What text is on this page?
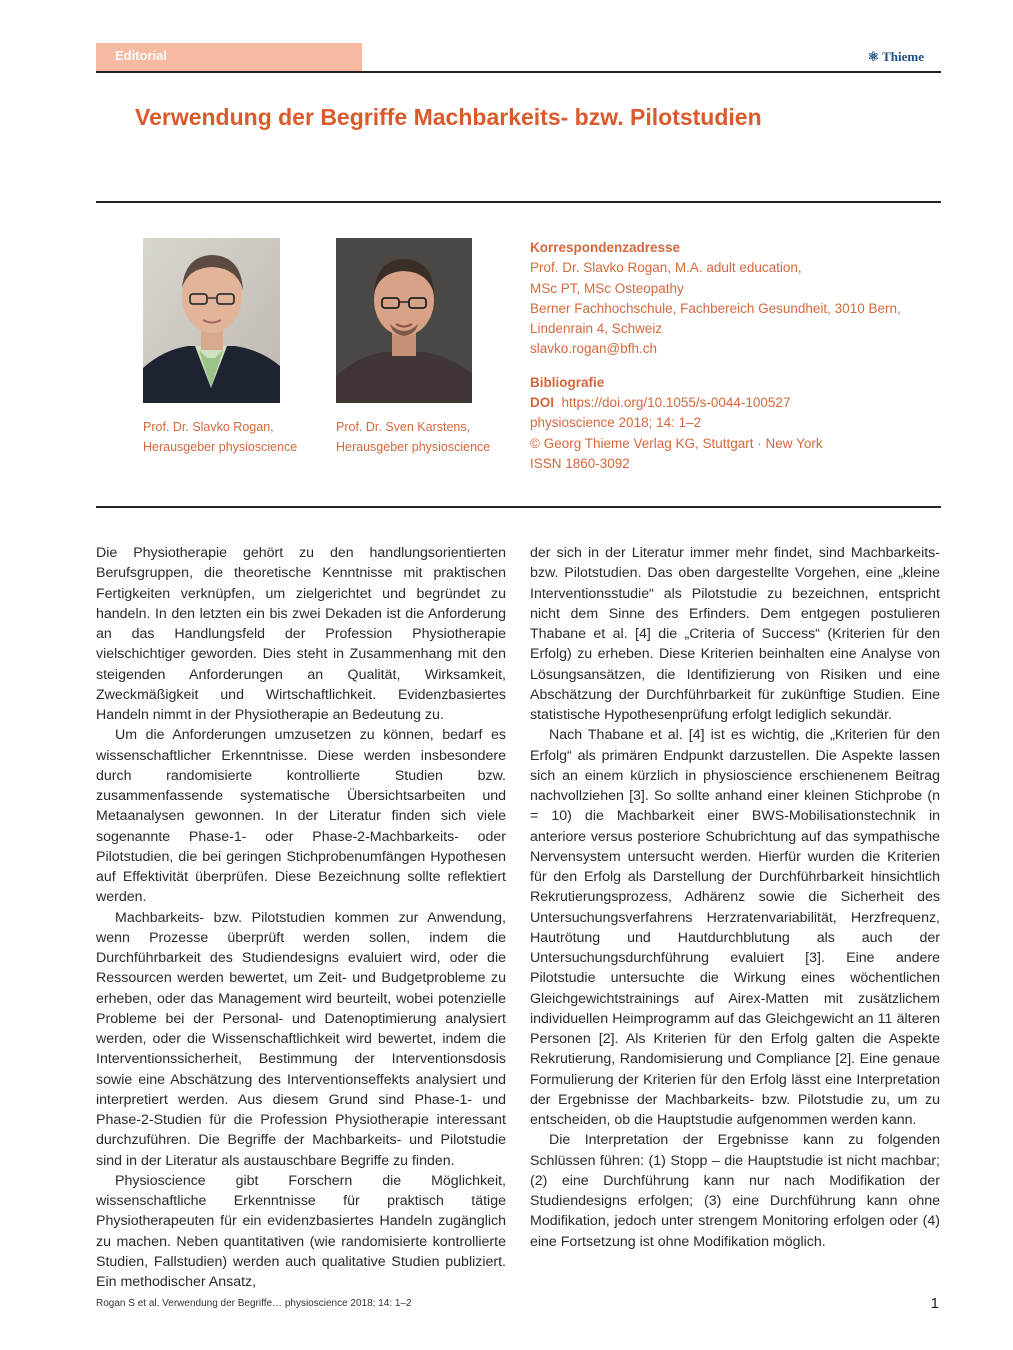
Editorial	⚛ Thieme
Verwendung der Begriffe Machbarkeits- bzw. Pilotstudien
Prof. Dr. Slavko Rogan,
Herausgeber physioscience
Prof. Dr. Sven Karstens,
Herausgeber physioscience
Korrespondenzadresse
Prof. Dr. Slavko Rogan, M.A. adult education,
MSc PT, MSc Osteopathy
Berner Fachhochschule, Fachbereich Gesundheit, 3010 Bern,
Lindenrain 4, Schweiz
slavko.rogan@bfh.ch
Bibliografie
DOI https://doi.org/10.1055/s-0044-100527
physioscience 2018; 14: 1–2
© Georg Thieme Verlag KG, Stuttgart · New York
ISSN 1860-3092

Die Physiotherapie gehört zu den handlungsorientierten Berufsgruppen, die theoretische Kenntnisse mit praktischen Fertigkeiten verknüpfen, um zielgerichtet und begründet zu handeln. In den letzten ein bis zwei Dekaden ist die Anforderung an das Handlungsfeld der Profession Physiotherapie vielschichtiger geworden. Dies steht in Zusammenhang mit den steigenden Anforderungen an Qualität, Wirksamkeit, Zweckmäßigkeit und Wirtschaftlichkeit. Evidenzbasiertes Handeln nimmt in der Physiotherapie an Bedeutung zu.

Um die Anforderungen umzusetzen zu können, bedarf es wissenschaftlicher Erkenntnisse. Diese werden insbesondere durch randomisierte kontrollierte Studien bzw. zusammenfassende systematische Übersichtsarbeiten und Metaanalysen gewonnen. In der Literatur finden sich viele sogenannte Phase-1- oder Phase-2-Machbarkeits- oder Pilotstudien, die bei geringen Stichprobenumfängen Hypothesen auf Effektivität überprüfen. Diese Bezeichnung sollte reflektiert werden.

Machbarkeits- bzw. Pilotstudien kommen zur Anwendung, wenn Prozesse überprüft werden sollen, indem die Durchführbarkeit des Studiendesigns evaluiert wird, oder die Ressourcen werden bewertet, um Zeit- und Budgetprobleme zu erheben, oder das Management wird beurteilt, wobei potenzielle Probleme bei der Personal- und Datenoptimierung analysiert werden, oder die Wissenschaftlichkeit wird bewertet, indem die Interventionssicherheit, Bestimmung der Interventionsdosis sowie eine Abschätzung des Interventionseffekts analysiert und interpretiert werden. Aus diesem Grund sind Phase-1- und Phase-2-Studien für die Profession Physiotherapie interessant durchzuführen. Die Begriffe der Machbarkeits- und Pilotstudie sind in der Literatur als austauschbare Begriffe zu finden.

Physioscience gibt Forschern die Möglichkeit, wissenschaftliche Erkenntnisse für praktisch tätige Physiotherapeuten für ein evidenzbasiertes Handeln zugänglich zu machen. Neben quantitativen (wie randomisierte kontrollierte Studien, Fallstudien) werden auch qualitative Studien publiziert. Ein methodischer Ansatz,

der sich in der Literatur immer mehr findet, sind Machbarkeits- bzw. Pilotstudien. Das oben dargestellte Vorgehen, eine „kleine Interventionsstudie“ als Pilotstudie zu bezeichnen, entspricht nicht dem Sinne des Erfinders. Dem entgegen postulieren Thabane et al. [4] die „Criteria of Success“ (Kriterien für den Erfolg) zu erheben. Diese Kriterien beinhalten eine Analyse von Lösungsansätzen, die Identifizierung von Risiken und eine Abschätzung der Durchführbarkeit für zukünftige Studien. Eine statistische Hypothesenprüfung erfolgt lediglich sekundär.

Nach Thabane et al. [4] ist es wichtig, die „Kriterien für den Erfolg“ als primären Endpunkt darzustellen. Die Aspekte lassen sich an einem kürzlich in physioscience erschienenem Beitrag nachvollziehen [3]. So sollte anhand einer kleinen Stichprobe (n = 10) die Machbarkeit einer BWS-Mobilisationstechnik in anteriore versus posteriore Schubrichtung auf das sympathische Nervensystem untersucht werden. Hierfür wurden die Kriterien für den Erfolg als Darstellung der Durchführbarkeit hinsichtlich Rekrutierungsprozess, Adhärenz sowie die Sicherheit des Untersuchungsverfahrens Herzratenvariabilität, Herzfrequenz, Hautrötung und Hautdurchblutung als auch der Untersuchungsdurchführung evaluiert [3]. Eine andere Pilotstudie untersuchte die Wirkung eines wöchentlichen Gleichgewichtstrainings auf Airex-Matten mit zusätzlichem individuellen Heimprogramm auf das Gleichgewicht an 11 älteren Personen [2]. Als Kriterien für den Erfolg galten die Aspekte Rekrutierung, Randomisierung und Compliance [2]. Eine genaue Formulierung der Kriterien für den Erfolg lässt eine Interpretation der Ergebnisse der Machbarkeits- bzw. Pilotstudie zu, um zu entscheiden, ob die Hauptstudie aufgenommen werden kann.

Die Interpretation der Ergebnisse kann zu folgenden Schlüssen führen: (1) Stopp – die Hauptstudie ist nicht machbar; (2) eine Durchführung kann nur nach Modifikation der Studiendesigns erfolgen; (3) eine Durchführung kann ohne Modifikation, jedoch unter strengem Monitoring erfolgen oder (4) eine Fortsetzung ist ohne Modifikation möglich.

Rogan S et al. Verwendung der Begriffe… physioscience 2018; 14: 1–2	1
